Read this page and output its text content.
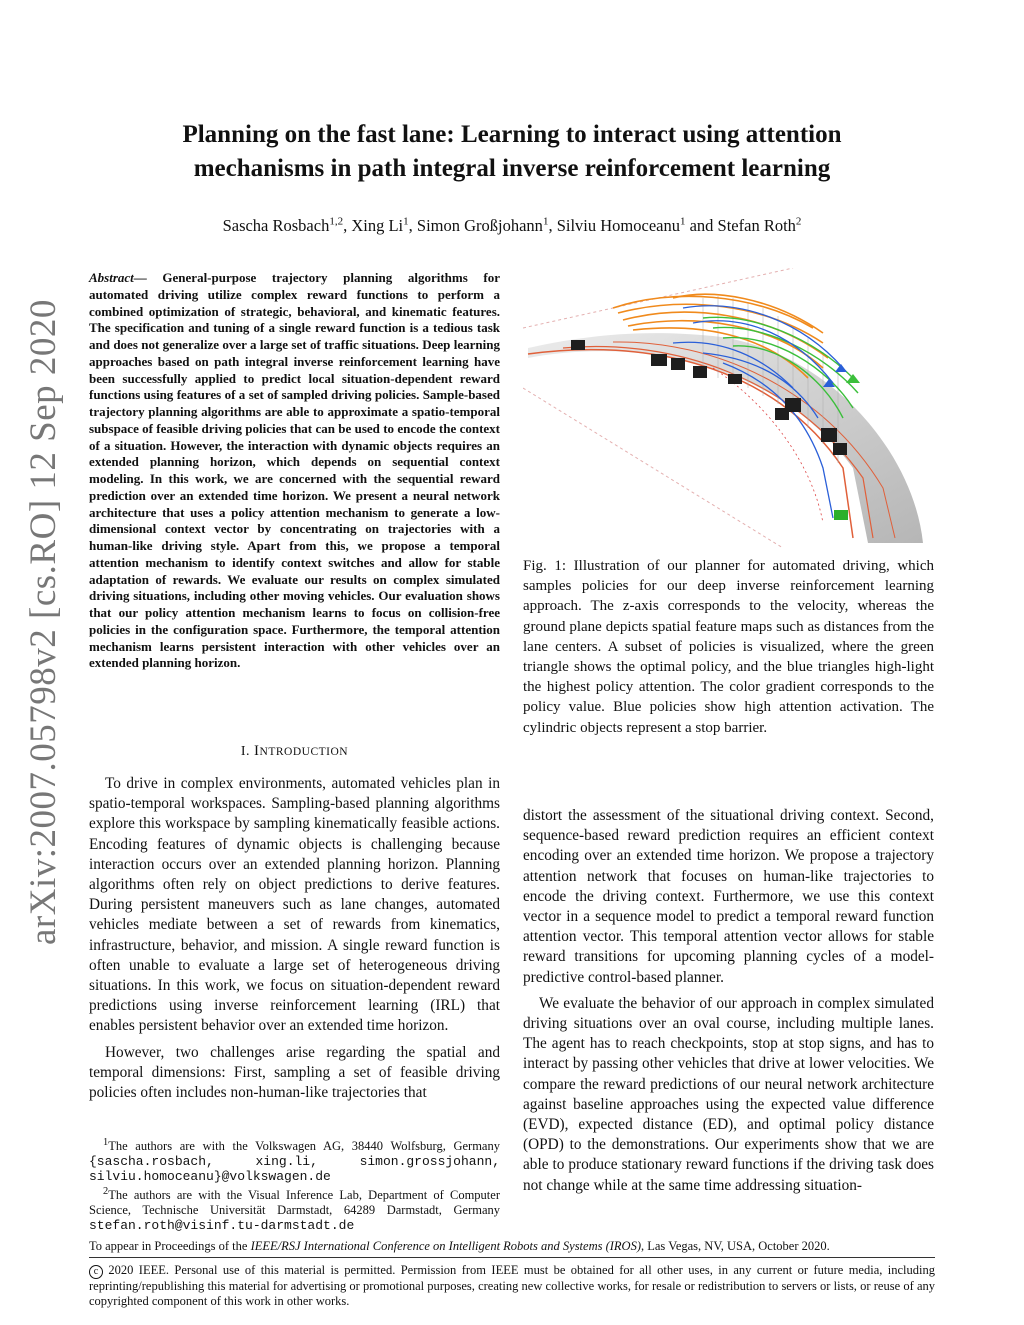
Planning on the fast lane: Learning to interact using attention
mechanisms in path integral inverse reinforcement learning
Sascha Rosbach$^{1,2}$, Xing Li$^1$, Simon Großjohann$^1$, Silviu Homoceanu$^1$ and Stefan Roth$^2$
arXiv:2007.05798v2 [cs.RO] 12 Sep 2020
Abstract— General-purpose trajectory planning algorithms for automated driving utilize complex reward functions to perform a combined optimization of strategic, behavioral, and kinematic features. The specification and tuning of a single reward function is a tedious task and does not generalize over a large set of traffic situations. Deep learning approaches based on path integral inverse reinforcement learning have been successfully applied to predict local situation-dependent reward functions using features of a set of sampled driving policies. Sample-based trajectory planning algorithms are able to approximate a spatio-temporal subspace of feasible driving policies that can be used to encode the context of a situation. However, the interaction with dynamic objects requires an extended planning horizon, which depends on sequential context modeling. In this work, we are concerned with the sequential reward prediction over an extended time horizon. We present a neural network architecture that uses a policy attention mechanism to generate a low-dimensional context vector by concentrating on trajectories with a human-like driving style. Apart from this, we propose a temporal attention mechanism to identify context switches and allow for stable adaptation of rewards. We evaluate our results on complex simulated driving situations, including other moving vehicles. Our evaluation shows that our policy attention mechanism learns to focus on collision-free policies in the configuration space. Furthermore, the temporal attention mechanism learns persistent interaction with other vehicles over an extended planning horizon.
I. INTRODUCTION

To drive in complex environments, automated vehicles plan in spatio-temporal workspaces. Sampling-based planning algorithms explore this workspace by sampling kinematically feasible actions. Encoding features of dynamic objects is challenging because interaction occurs over an extended planning horizon. Planning algorithms often rely on object predictions to derive features. During persistent maneuvers such as lane changes, automated vehicles mediate between a set of rewards from kinematics, infrastructure, behavior, and mission. A single reward function is often unable to evaluate a large set of heterogeneous driving situations. In this work, we focus on situation-dependent reward predictions using inverse reinforcement learning (IRL) that enables persistent behavior over an extended time horizon.

However, two challenges arise regarding the spatial and temporal dimensions: First, sampling a set of feasible driving policies often includes non-human-like trajectories that

$^1$The authors are with the Volkswagen AG, 38440 Wolfsburg, Germany {sascha.rosbach, xing.li, simon.grossjohann, silviu.homoceanu}@volkswagen.de
$^2$The authors are with the Visual Inference Lab, Department of Computer Science, Technische Universität Darmstadt, 64289 Darmstadt, Germany stefan.roth@visinf.tu-darmstadt.de
Fig. 1: Illustration of our planner for automated driving, which samples policies for our deep inverse reinforcement learning approach. The z-axis corresponds to the velocity, whereas the ground plane depicts spatial feature maps such as distances from the lane centers. A subset of policies is visualized, where the green triangle shows the optimal policy, and the blue triangles high-light the highest policy attention. The color gradient corresponds to the policy value. Blue policies show high attention activation. The cylindric objects represent a stop barrier.

distort the assessment of the situational driving context. Second, sequence-based reward prediction requires an efficient context encoding over an extended time horizon. We propose a trajectory attention network that focuses on human-like trajectories to encode the driving context. Furthermore, we use this context vector in a sequence model to predict a temporal reward function attention vector. This temporal attention vector allows for stable reward transitions for upcoming planning cycles of a model-predictive control-based planner.

We evaluate the behavior of our approach in complex simulated driving situations over an oval course, including multiple lanes. The agent has to reach checkpoints, stop at stop signs, and has to interact by passing other vehicles that drive at lower velocities. We compare the reward predictions of our neural network architecture against baseline approaches using the expected value difference (EVD), expected distance (ED), and optimal policy distance (OPD) to the demonstrations. Our experiments show that we are able to produce stationary reward functions if the driving task does not change while at the same time addressing situation-

To appear in Proceedings of the IEEE/RSJ International Conference on Intelligent Robots and Systems (IROS), Las Vegas, NV, USA, October 2020.
c 2020 IEEE. Personal use of this material is permitted. Permission from IEEE must be obtained for all other uses, in any current or future media, including reprinting/republishing this material for advertising or promotional purposes, creating new collective works, for resale or redistribution to servers or lists, or reuse of any copyrighted component of this work in other works.
